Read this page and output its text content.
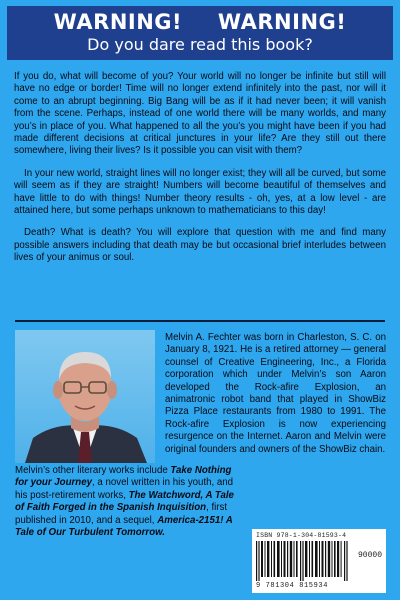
WARNING! WARNING!
Do you dare read this book?

If you do, what will become of you? Your world will no longer be infinite but still will have no edge or border! Time will no longer extend infinitely into the past, nor will it come to an abrupt beginning. Big Bang will be as if it had never been; it will vanish from the scene. Perhaps, instead of one world there will be many worlds, and many you’s in place of you. What happened to all the you’s you might have been if you had made different decisions at critical junctures in your life? Are they still out there somewhere, living their lives? Is it possible you can visit with them?

In your new world, straight lines will no longer exist; they will all be curved, but some will seem as if they are straight! Numbers will become beautiful of themselves and have little to do with things! Number theory results - oh, yes, at a low level - are attained here, but some perhaps unknown to mathematicians to this day!

Death? What is death? You will explore that question with me and find many possible answers including that death may be but occasional brief interludes between lives of your animus or soul.

Melvin A. Fechter was born in Charleston, S. C. on January 8, 1921. He is a retired attorney — general counsel of Creative Engineering, Inc., a Florida corporation which under Melvin’s son Aaron developed the Rock-afire Explosion, an animatronic robot band that played in ShowBiz Pizza Place restaurants from 1980 to 1991. The Rock-afire Explosion is now experiencing resurgence on the Internet. Aaron and Melvin were original founders and owners of the ShowBiz chain.

Melvin’s other literary works include Take Nothing for your Journey, a novel written in his youth, and his post-retirement works, The Watchword, A Tale of Faith Forged in the Spanish Inquisition, first published in 2010, and a sequel, America-2151! A Tale of Our Turbulent Tomorrow.	ISBN 978-1-304-81593-4
90000
9 781304 815934
